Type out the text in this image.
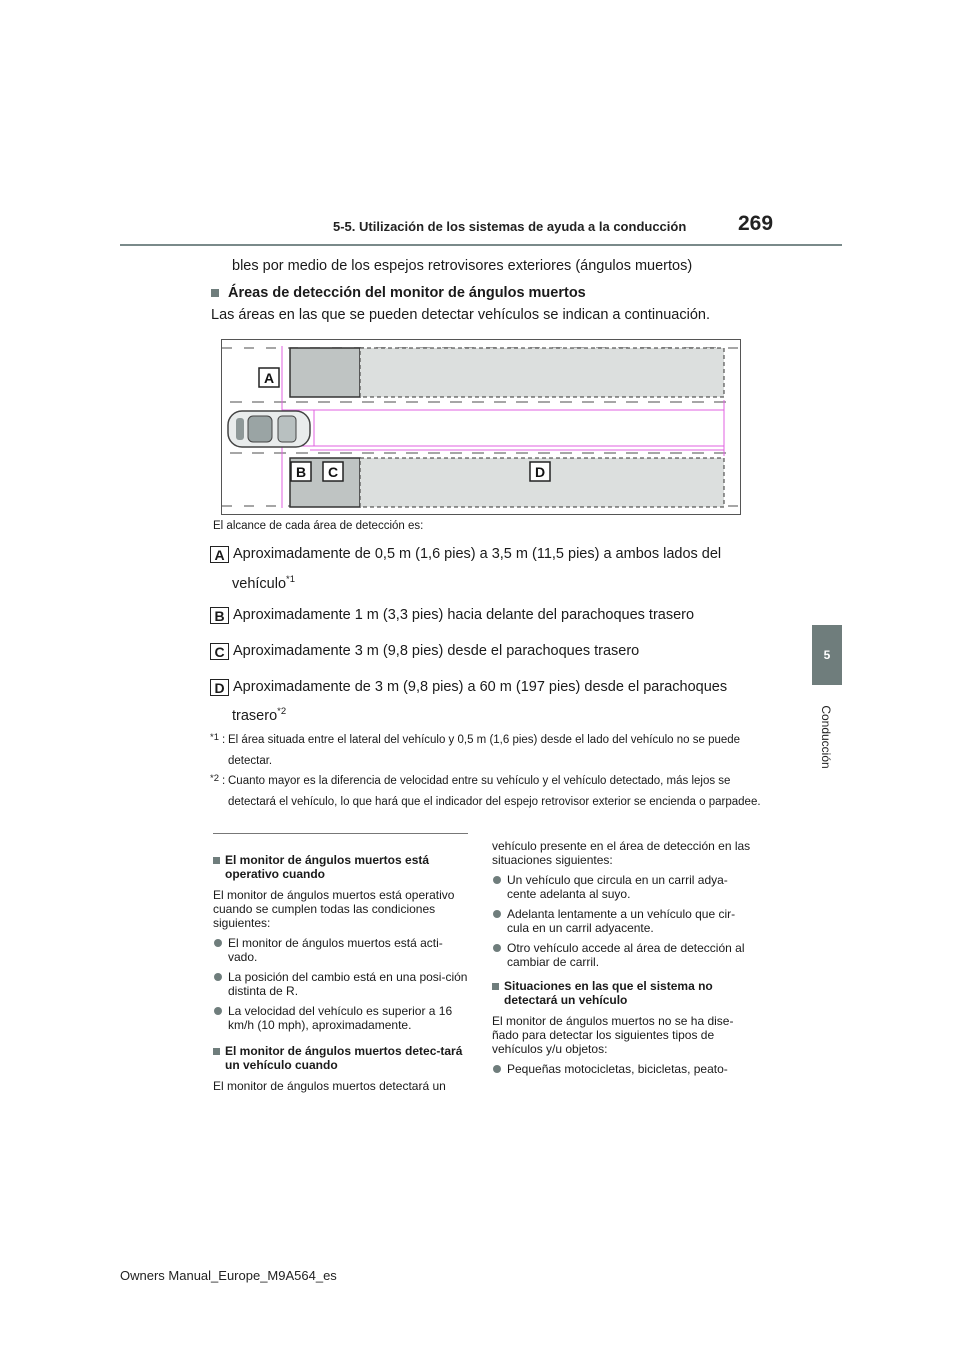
5-5. Utilización de los sistemas de ayuda a la conducción 269
5
Conducción
bles por medio de los espejos retrovisores exteriores (ángulos muertos)
Áreas de detección del monitor de ángulos muertos
Las áreas en las que se pueden detectar vehículos se indican a continuación.
A
B C	D
El alcance de cada área de detección es:
A Aproximadamente de 0,5 m (1,6 pies) a 3,5 m (11,5 pies) a ambos lados del
vehículo$^{*1}$
B Aproximadamente 1 m (3,3 pies) hacia delante del parachoques trasero
C Aproximadamente 3 m (9,8 pies) desde el parachoques trasero
D Aproximadamente de 3 m (9,8 pies) a 60 m (197 pies) desde el parachoques
trasero$^{*2}$
*1 : El área situada entre el lateral del vehículo y 0,5 m (1,6 pies) desde el lado del vehículo no se puede detectar.
*2 : Cuanto mayor es la diferencia de velocidad entre su vehículo y el vehículo detectado, más lejos se detectará el vehículo, lo que hará que el indicador del espejo retrovisor exterior se encienda o parpadee.
El monitor de ángulos muertos está operativo cuando
El monitor de ángulos muertos está operativo cuando se cumplen todas las condiciones siguientes:
El monitor de ángulos muertos está acti-vado.
La posición del cambio está en una posi-ción distinta de R.
La velocidad del vehículo es superior a 16 km/h (10 mph), aproximadamente.
El monitor de ángulos muertos detec-tará un vehículo cuando
El monitor de ángulos muertos detectará un
vehículo presente en el área de detección en las situaciones siguientes:
Un vehículo que circula en un carril adya-cente adelanta al suyo.
Adelanta lentamente a un vehículo que cir-cula en un carril adyacente.
Otro vehículo accede al área de detección al cambiar de carril.
Situaciones en las que el sistema no detectará un vehículo
El monitor de ángulos muertos no se ha dise-ñado para detectar los siguientes tipos de vehículos y/u objetos:
Pequeñas motocicletas, bicicletas, peato-
Owners Manual_Europe_M9A564_es
